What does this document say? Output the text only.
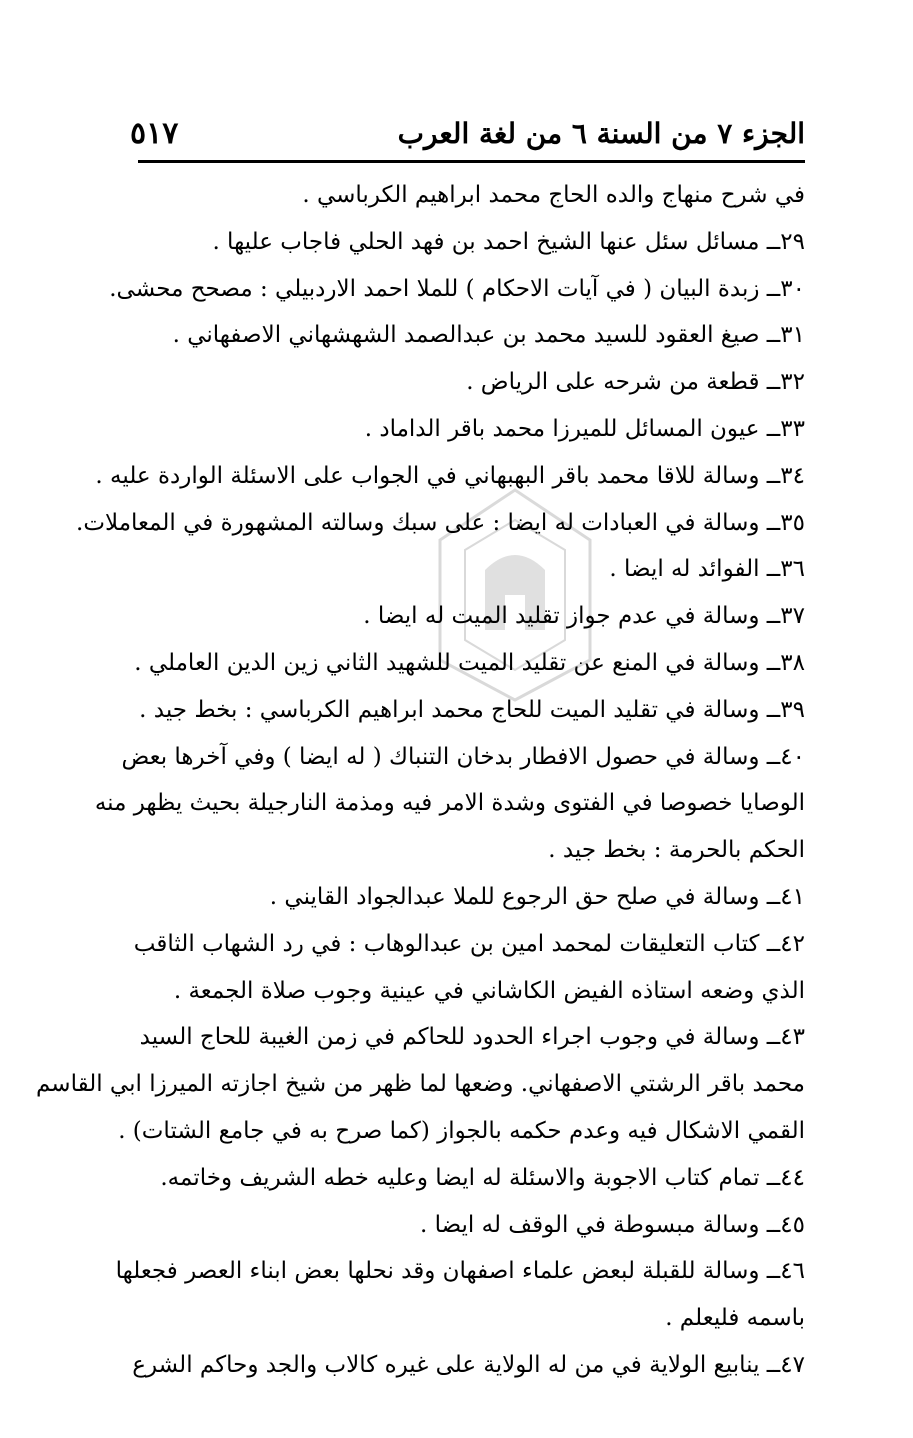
الجزء ٧ من السنة ٦ من لغة العرب
٥١٧
في شرح منهاج والده الحاج محمد ابراهيم الكرباسي .
٢٩ــ مسائل سئل عنها الشيخ احمد بن فهد الحلي فاجاب عليها .
٣٠ــ زبدة البيان ( في آيات الاحكام ) للملا احمد الاردبيلي : مصحح محشى.
٣١ــ صيغ العقود للسيد محمد بن عبدالصمد الشهشهاني الاصفهاني .
٣٢ــ قطعة من شرحه على الرياض .
٣٣ــ عيون المسائل للميرزا محمد باقر الداماد .
٣٤ــ وسالة للاقا محمد باقر البهبهاني في الجواب على الاسئلة الواردة عليه .
٣٥ــ وسالة في العبادات له ايضا : على سبك وسالته المشهورة في المعاملات.
٣٦ــ الفوائد له ايضا .
٣٧ــ وسالة في عدم جواز تقليد الميت له ايضا .
٣٨ــ وسالة في المنع عن تقليد الميت للشهيد الثاني زين الدين العاملي .
٣٩ــ وسالة في تقليد الميت للحاج محمد ابراهيم الكرباسي : بخط جيد .
٤٠ــ وسالة في حصول الافطار بدخان التنباك ( له ايضا ) وفي آخرها بعض
الوصايا خصوصا في الفتوى وشدة الامر فيه ومذمة النارجيلة بحيث يظهر منه
الحكم بالحرمة : بخط جيد .
٤١ــ وسالة في صلح حق الرجوع للملا عبدالجواد القايني .
٤٢ــ كتاب التعليقات لمحمد امين بن عبدالوهاب : في رد الشهاب الثاقب
الذي وضعه استاذه الفيض الكاشاني في عينية وجوب صلاة الجمعة .
٤٣ــ وسالة في وجوب اجراء الحدود للحاكم في زمن الغيبة للحاج السيد
محمد باقر الرشتي الاصفهاني. وضعها لما ظهر من شيخ اجازته الميرزا ابي القاسم
القمي الاشكال فيه وعدم حكمه بالجواز (كما صرح به في جامع الشتات) .
٤٤ــ تمام كتاب الاجوبة والاسئلة له ايضا وعليه خطه الشريف وخاتمه.
٤٥ــ وسالة مبسوطة في الوقف له ايضا .
٤٦ــ وسالة للقبلة لبعض علماء اصفهان وقد نحلها بعض ابناء العصر فجعلها
باسمه فليعلم .
٤٧ــ ينابيع الولاية في من له الولاية على غيره كالاب والجد وحاكم الشرع
